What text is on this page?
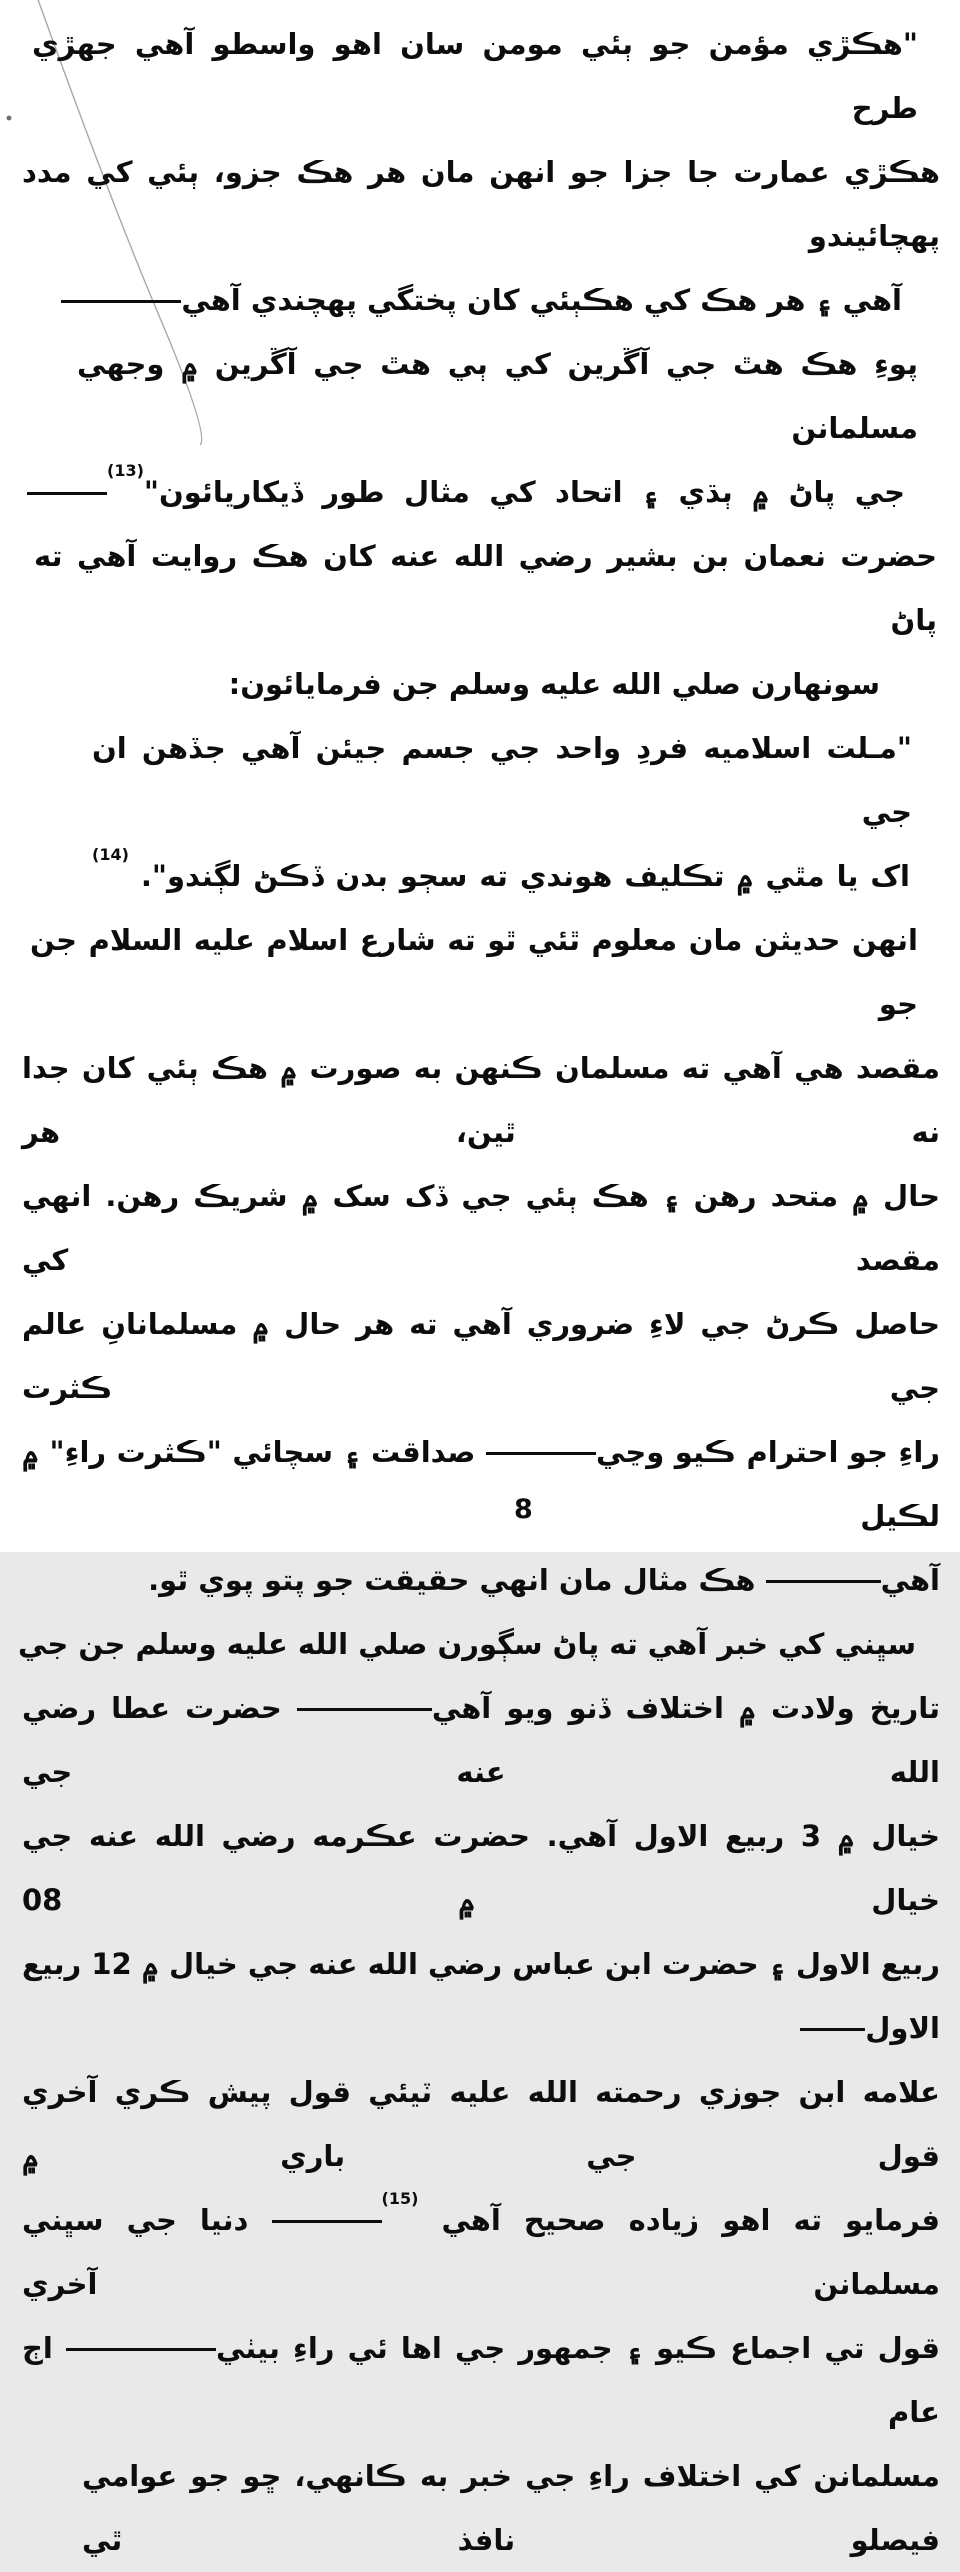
"هڪڙي مؤمن جو ٻئي مومن سان اهو واسطو آهي جهڙي طرح
هڪڙي عمارت جا جزا جو انهن مان هر هڪ جزو، ٻئي کي مدد پهچائيندو
آهي ۽ هر هڪ کي هڪٻئي کان پختگي پهچندي آهي
پوءِ هڪ هٿ جي آڱرين کي ٻي هٿ جي آڱرين ۾ وجهي مسلمانن
جي پاڻ ۾ ٻڌي ۽ اتحاد کي مثال طور ڏيکاريائون"$^{(13)}$
حضرت نعمان بن بشير رضي الله عنه کان هڪ روايت آهي ته پاڻ
سونهارن صلي الله عليه وسلم جن فرمايائون:
"مـلت اسلاميه فردِ واحد جي جسم جيئن آهي جڏهن ان جي
اک يا مٿي ۾ تڪليف هوندي ته سڄو بدن ڏڪڻ لڳندو". $^{(14)}$
انهن حديثن مان معلوم ٿئي ٿو ته شارع اسلام عليه السلام جن جو
مقصد هي آهي ته مسلمان ڪنهن به صورت ۾ هڪ ٻئي کان جدا نه ٿين، هر
حال ۾ متحد رهن ۽ هڪ ٻئي جي ڏک سک ۾ شريڪ رهن. انهي مقصد کي
حاصل ڪرڻ جي لاءِ ضروري آهي ته هر حال ۾ مسلمانانِ عالم جي ڪثرت
راءِ جو احترام ڪيو وڃي صداقت ۽ سچائي "ڪثرت راءِ" ۾ لڪيل
آهي هڪ مثال مان انهي حقيقت جو پتو پوي ٿو.
سڀني کي خبر آهي ته پاڻ سڳورن صلي الله عليه وسلم جن جي
تاريخ ولادت ۾ اختلاف ڏنو ويو آهي حضرت عطا رضي الله عنه جي
خيال ۾ 3 ربيع الاول آهي. حضرت عڪرمه رضي الله عنه جي خيال ۾ 08
ربيع الاول ۽ حضرت ابن عباس رضي الله عنه جي خيال ۾ 12 ربيع الاول
علامه ابن جوزي رحمته الله عليه ٽيئي قول پيش ڪري آخري قول جي باري ۾
فرمايو ته اهو زياده صحيح آهي $^{(15)}$ دنيا جي سڀني مسلمانن آخري
قول تي اجماع ڪيو ۽ جمهور جي اها ئي راءِ بيٺي اڄ عام
مسلمانن کي اختلاف راءِ جي خبر به ڪانهي، ڇو جو عوامي فيصلو نافذ ٿي
8
